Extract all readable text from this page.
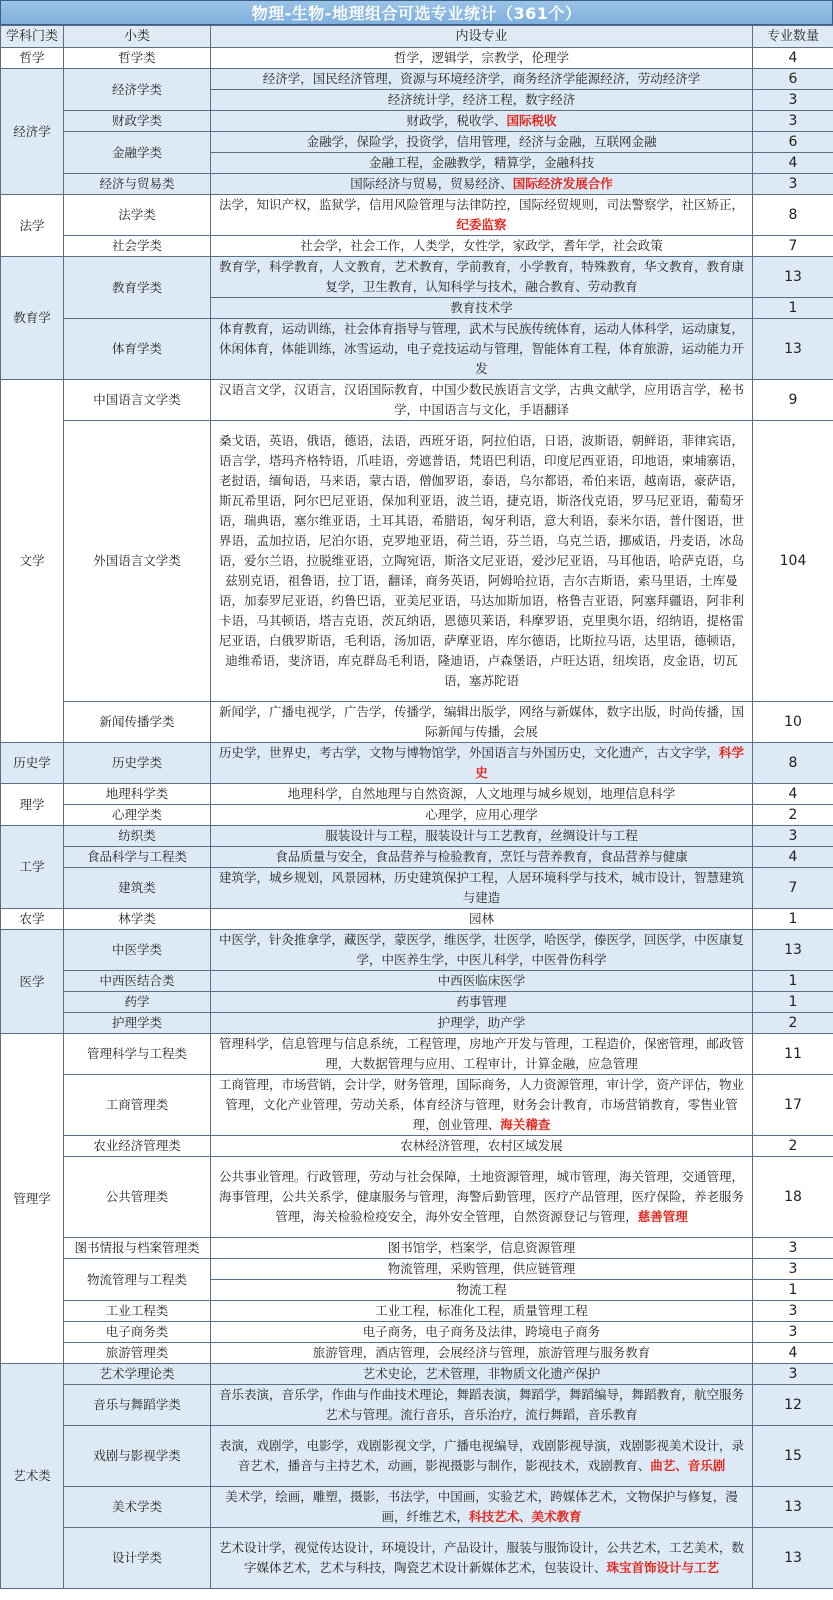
物理-生物-地理组合可选专业统计（361个）
学科门类	小类	内设专业	专业数量
哲学	哲学类	哲学，逻辑学，宗教学，伦理学	4
经济学	经济学类	经济学，国民经济管理，资源与环境经济学，商务经济学能源经济，劳动经济学	6
		经济统计学，经济工程，数字经济	3
	财政学类	财政学，税收学、国际税收	3
	金融学类	金融学，保险学，投资学，信用管理，经济与金融，互联网金融	6
		金融工程，金融教学，精算学，金融科技	4
	经济与贸易类	国际经济与贸易，贸易经济、国际经济发展合作	3
法学	法学类	法学，知识产权，监狱学，信用风险管理与法律防控，国际经贸规则，司法警察学，社区矫正，纪委监察	8
	社会学类	社会学，社会工作，人类学，女性学，家政学，耆年学，社会政策	7
教育学	教育学类	教育学，科学教育，人文教育，艺术教育，学前教育，小学教育，特殊教育，华文教育，教育康复学，卫生教育，认知科学与技术，融合教育、劳动教育	13
		教育技术学	1
	体育学类	体育教育，运动训练，社会体育指导与管理，武术与民族传统体育，运动人体科学，运动康复，休闲体育，体能训练，冰雪运动，电子竞技运动与管理，智能体育工程，体育旅游，运动能力开发	13
文学	中国语言文学类	汉语言文学，汉语言，汉语国际教育，中国少数民族语言文学，古典文献学，应用语言学，秘书学，中国语言与文化，手语翻译	9
	外国语言文学类	桑戈语，英语，俄语，德语，法语，西班牙语，阿拉伯语，日语，波斯语，朝鲜语，菲律宾语，语言学，塔玛齐格特语，爪哇语，旁遮普语，梵语巴利语，印度尼西亚语，印地语，柬埔寨语，老挝语，缅甸语，马来语，蒙古语，僧伽罗语，泰语，乌尔都语，希伯来语，越南语，豪萨语，斯瓦希里语，阿尔巴尼亚语，保加利亚语，波兰语，捷克语，斯洛伐克语，罗马尼亚语，葡萄牙语，瑞典语，塞尔维亚语，土耳其语，希腊语，匈牙利语，意大利语，泰米尔语，普什图语，世界语，孟加拉语，尼泊尔语，克罗地亚语，荷兰语，芬兰语，乌克兰语，挪威语，丹麦语，冰岛语，爱尔兰语，拉脱维亚语，立陶宛语，斯洛文尼亚语，爱沙尼亚语，马耳他语，哈萨克语，乌兹别克语，祖鲁语，拉丁语，翻译，商务英语，阿姆哈拉语，吉尔吉斯语，索马里语，土库曼语，加泰罗尼亚语，约鲁巴语，亚美尼亚语，马达加斯加语，格鲁吉亚语，阿塞拜疆语，阿非利卡语，马其顿语，塔吉克语，茨瓦纳语，恩德贝莱语，科摩罗语，克里奥尔语，绍纳语，提格雷尼亚语，白俄罗斯语，毛利语，汤加语，萨摩亚语，库尔德语，比斯拉马语，达里语，德顿语，迪维希语，斐济语，库克群岛毛利语，隆迪语，卢森堡语，卢旺达语，纽埃语，皮金语，切瓦语，塞苏陀语	104
	新闻传播学类	新闻学，广播电视学，广告学，传播学，编辑出版学，网络与新媒体，数字出版，时尚传播，国际新闻与传播，会展	10
历史学	历史学类	历史学，世界史，考古学，文物与博物馆学，外国语言与外国历史，文化遗产，古文字学，科学史	8
理学	地理科学类	地理科学，自然地理与自然资源，人文地理与城乡规划，地理信息科学	4
	心理学类	心理学，应用心理学	2
工学	纺织类	服装设计与工程，服装设计与工艺教育，丝绸设计与工程	3
	食品科学与工程类	食品质量与安全，食品营养与检验教育，烹饪与营养教育，食品营养与健康	4
	建筑类	建筑学，城乡规划，风景园林，历史建筑保护工程，人居环境科学与技术，城市设计，智慧建筑与建造	7
农学	林学类	园林	1
医学	中医学类	中医学，针灸推拿学，藏医学，蒙医学，维医学，壮医学，哈医学，傣医学，回医学，中医康复学，中医养生学，中医儿科学，中医骨伤科学	13
	中西医结合类	中西医临床医学	1
	药学	药事管理	1
	护理学类	护理学，助产学	2
管理学	管理科学与工程类	管理科学，信息管理与信息系统，工程管理，房地产开发与管理，工程造价，保密管理，邮政管理，大数据管理与应用、工程审计，计算金融，应急管理	11
	工商管理类	工商管理，市场营销，会计学，财务管理，国际商务，人力资源管理，审计学，资产评估，物业管理，文化产业管理，劳动关系，体育经济与管理，财务会计教育，市场营销教育，零售业管理，创业管理、海关稽查	17
	农业经济管理类	农林经济管理，农村区域发展	2
	公共管理类	公共事业管理。行政管理，劳动与社会保障，土地资源管理，城市管理，海关管理，交通管理，海事管理，公共关系学，健康服务与管理，海警后勤管理，医疗产品管理，医疗保险，养老服务管理，海关检验检疫安全，海外安全管理，自然资源登记与管理，慈善管理	18
	图书情报与档案管理类	图书馆学，档案学，信息资源管理	3
	物流管理与工程类	物流管理，采购管理，供应链管理	3
		物流工程	1
	工业工程类	工业工程，标准化工程，质量管理工程	3
	电子商务类	电子商务，电子商务及法律，跨境电子商务	3
	旅游管理类	旅游管理，酒店管理，会展经济与管理，旅游管理与服务教育	4
艺术类	艺术学理论类	艺术史论，艺术管理，非物质文化遗产保护	3
	音乐与舞蹈学类	音乐表演，音乐学，作曲与作曲技术理论，舞蹈表演，舞蹈学，舞蹈编导，舞蹈教育，航空服务艺术与管理。流行音乐，音乐治疗，流行舞蹈，音乐教育	12
	戏剧与影视学类	表演，戏剧学，电影学，戏剧影视文学，广播电视编导，戏剧影视导演，戏剧影视美术设计，录音艺术，播音与主持艺术，动画，影视摄影与制作，影视技术，戏剧教育、曲艺、音乐剧	15
	美术学类	美术学，绘画，雕塑，摄影，书法学，中国画，实验艺术，跨媒体艺术，文物保护与修复，漫画，纤维艺术，科技艺术、美术教育	13
	设计学类	艺术设计学，视觉传达设计，环境设计，产品设计，服装与服饰设计，公共艺术，工艺美术，数字媒体艺术，艺术与科技，陶瓷艺术设计新媒体艺术，包装设计、珠宝首饰设计与工艺	13
